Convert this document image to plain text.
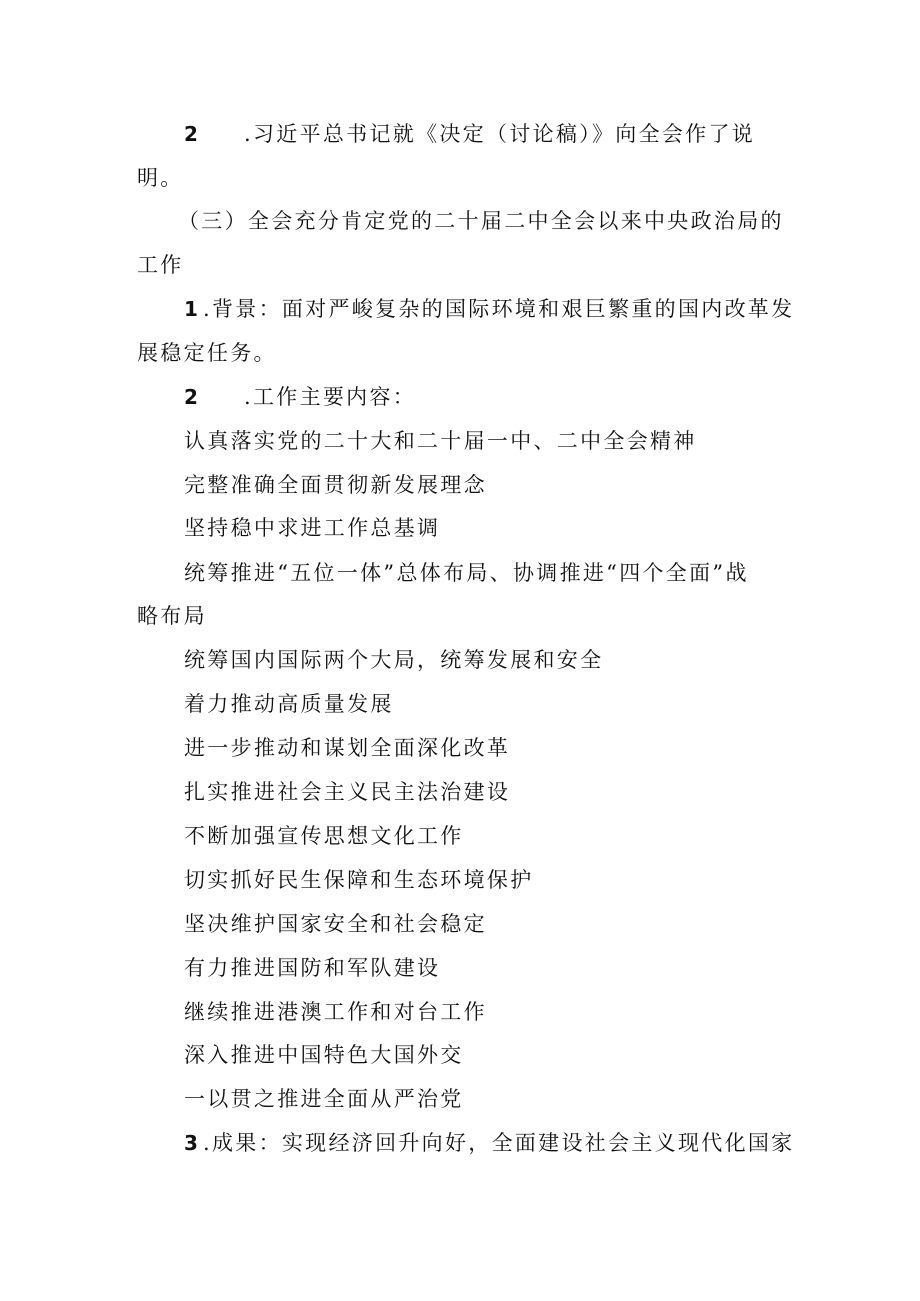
2 .习近平总书记就《决定（讨论稿）》向全会作了说
明。
（三）全会充分肯定党的二十届二中全会以来中央政治局的
工作
1 .背景：面对严峻复杂的国际环境和艰巨繁重的国内改革发
展稳定任务。
2 .工作主要内容：
认真落实党的二十大和二十届一中、二中全会精神
完整准确全面贯彻新发展理念
坚持稳中求进工作总基调
统筹推进“五位一体”总体布局、协调推进“四个全面”战
略布局
统筹国内国际两个大局，统筹发展和安全
着力推动高质量发展
进一步推动和谋划全面深化改革
扎实推进社会主义民主法治建设
不断加强宣传思想文化工作
切实抓好民生保障和生态环境保护
坚决维护国家安全和社会稳定
有力推进国防和军队建设
继续推进港澳工作和对台工作
深入推进中国特色大国外交
一以贯之推进全面从严治党
3 .成果：实现经济回升向好，全面建设社会主义现代化国家
